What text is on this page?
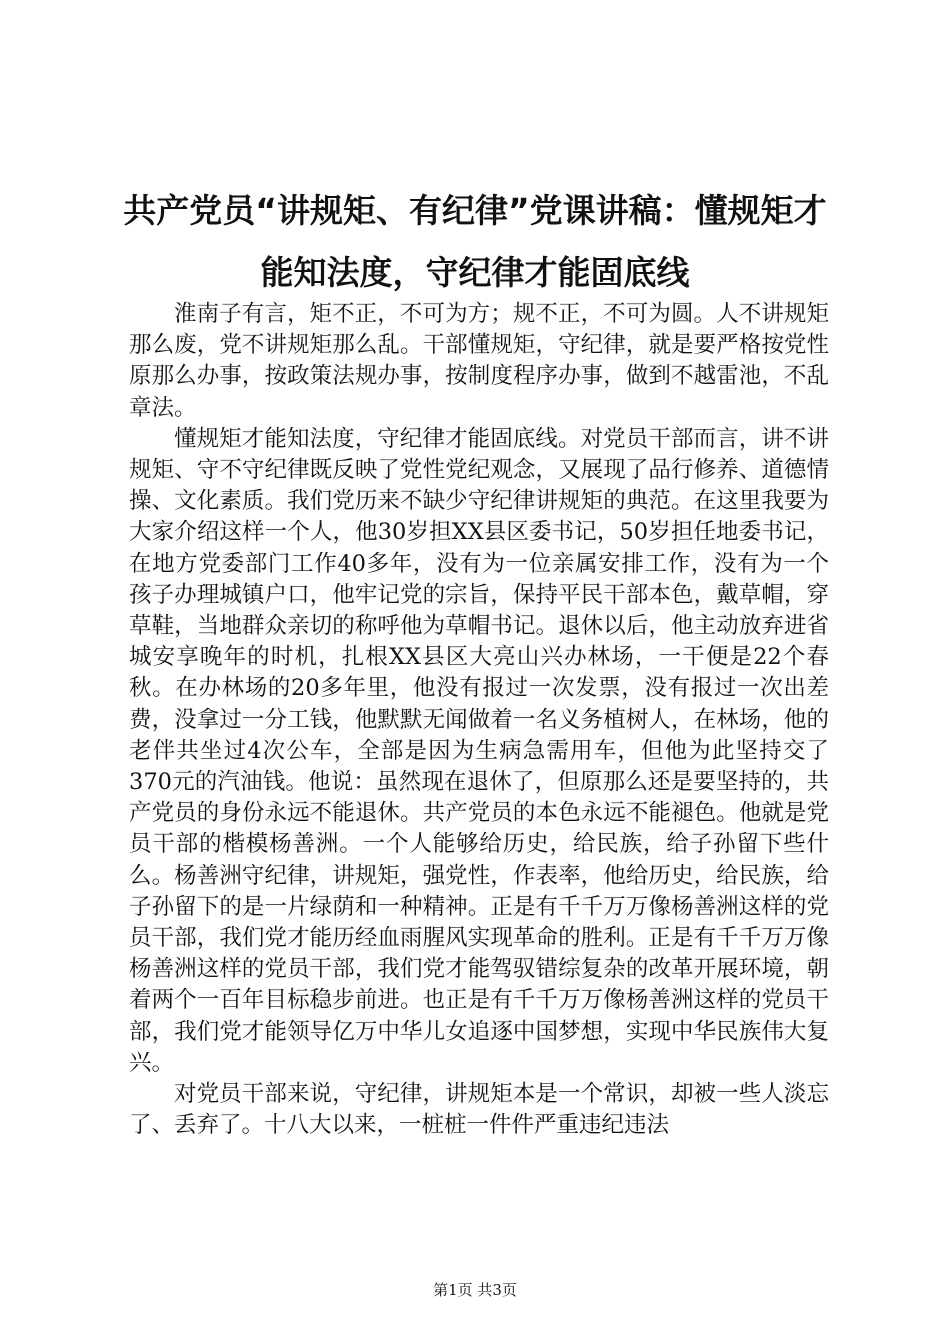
共产党员“讲规矩、有纪律”党课讲稿：懂规矩才能知法度，守纪律才能固底线

淮南子有言，矩不正，不可为方；规不正，不可为圆。人不讲规矩那么废，党不讲规矩那么乱。干部懂规矩，守纪律，就是要严格按党性原那么办事，按政策法规办事，按制度程序办事，做到不越雷池，不乱章法。

懂规矩才能知法度，守纪律才能固底线。对党员干部而言，讲不讲规矩、守不守纪律既反映了党性党纪观念，又展现了品行修养、道德情操、文化素质。我们党历来不缺少守纪律讲规矩的典范。在这里我要为大家介绍这样一个人，他30岁担XX县区委书记，50岁担任地委书记，在地方党委部门工作40多年，没有为一位亲属安排工作，没有为一个孩子办理城镇户口，他牢记党的宗旨，保持平民干部本色，戴草帽，穿草鞋，当地群众亲切的称呼他为草帽书记。退休以后，他主动放弃进省城安享晚年的时机，扎根XX县区大亮山兴办林场，一干便是22个春秋。在办林场的20多年里，他没有报过一次发票，没有报过一次出差费，没拿过一分工钱，他默默无闻做着一名义务植树人，在林场，他的老伴共坐过4次公车，全部是因为生病急需用车，但他为此坚持交了370元的汽油钱。他说：虽然现在退休了，但原那么还是要坚持的，共产党员的身份永远不能退休。共产党员的本色永远不能褪色。他就是党员干部的楷模杨善洲。一个人能够给历史，给民族，给子孙留下些什么。杨善洲守纪律，讲规矩，强党性，作表率，他给历史，给民族，给子孙留下的是一片绿荫和一种精神。正是有千千万万像杨善洲这样的党员干部，我们党才能历经血雨腥风实现革命的胜利。正是有千千万万像杨善洲这样的党员干部，我们党才能驾驭错综复杂的改革开展环境，朝着两个一百年目标稳步前进。也正是有千千万万像杨善洲这样的党员干部，我们党才能领导亿万中华儿女追逐中国梦想，实现中华民族伟大复兴。

对党员干部来说，守纪律，讲规矩本是一个常识，却被一些人淡忘了、丢弃了。十八大以来，一桩桩一件件严重违纪违法

第1页 共3页
